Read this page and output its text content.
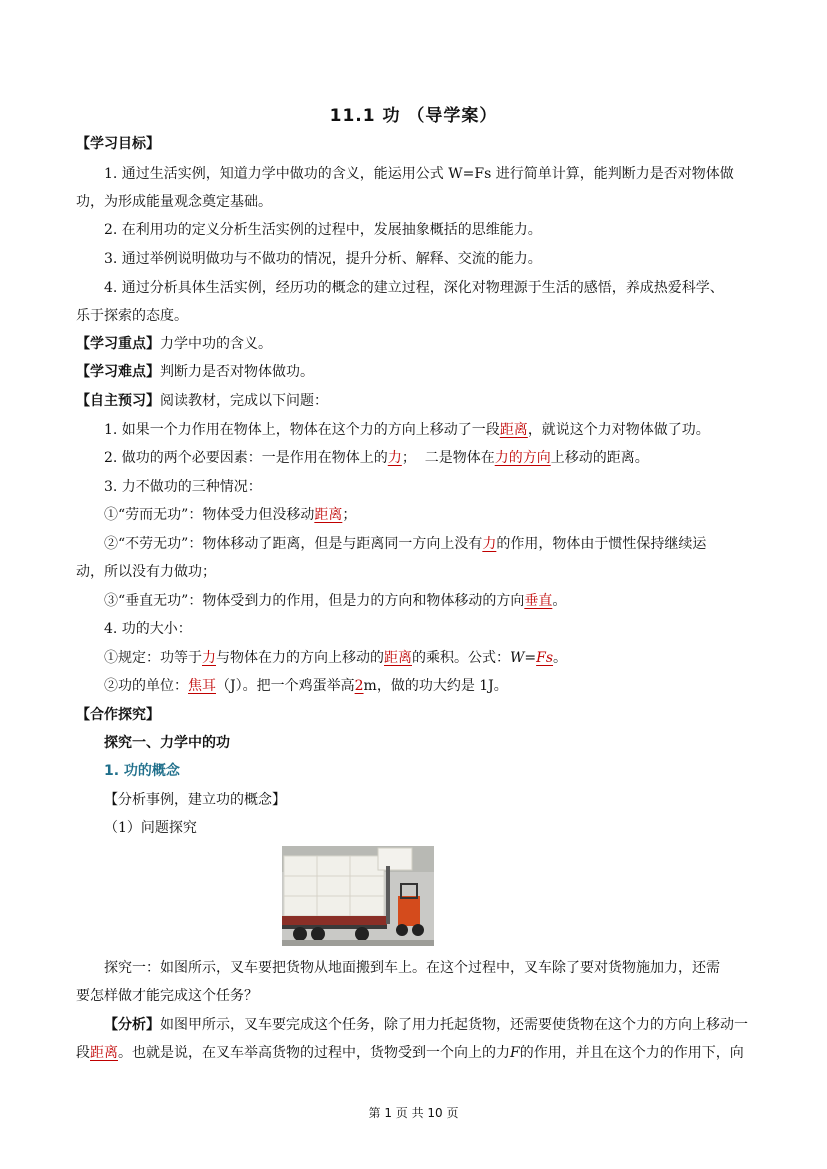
11.1 功 （导学案）
【学习目标】
1. 通过生活实例，知道力学中做功的含义，能运用公式 W=Fs 进行简单计算，能判断力是否对物体做
功，为形成能量观念奠定基础。
2. 在利用功的定义分析生活实例的过程中，发展抽象概括的思维能力。
3. 通过举例说明做功与不做功的情况，提升分析、解释、交流的能力。
4. 通过分析具体生活实例，经历功的概念的建立过程，深化对物理源于生活的感悟，养成热爱科学、
乐于探索的态度。
【学习重点】力学中功的含义。
【学习难点】判断力是否对物体做功。
【自主预习】阅读教材，完成以下问题：
1. 如果一个力作用在物体上，物体在这个力的方向上移动了一段距离，就说这个力对物体做了功。
2. 做功的两个必要因素：一是作用在物体上的力；  二是物体在力的方向上移动的距离。
3. 力不做功的三种情况：
①“劳而无功”：物体受力但没移动距离；
②“不劳无功”：物体移动了距离，但是与距离同一方向上没有力的作用，物体由于惯性保持继续运
动，所以没有力做功；
③“垂直无功”：物体受到力的作用，但是力的方向和物体移动的方向垂直。
4. 功的大小：
①规定：功等于力与物体在力的方向上移动的距离的乘积。公式：W=Fs。
②功的单位：焦耳（J）。把一个鸡蛋举高2m，做的功大约是 1J。
【合作探究】
探究一、力学中的功
1. 功的概念
【分析事例，建立功的概念】
（1）问题探究
探究一：如图所示，叉车要把货物从地面搬到车上。在这个过程中，叉车除了要对货物施加力，还需
要怎样做才能完成这个任务？
【分析】如图甲所示，叉车要完成这个任务，除了用力托起货物，还需要使货物在这个力的方向上移动一
段距离。也就是说，在叉车举高货物的过程中，货物受到一个向上的力F的作用，并且在这个力的作用下，向
第 1 页 共 10 页
